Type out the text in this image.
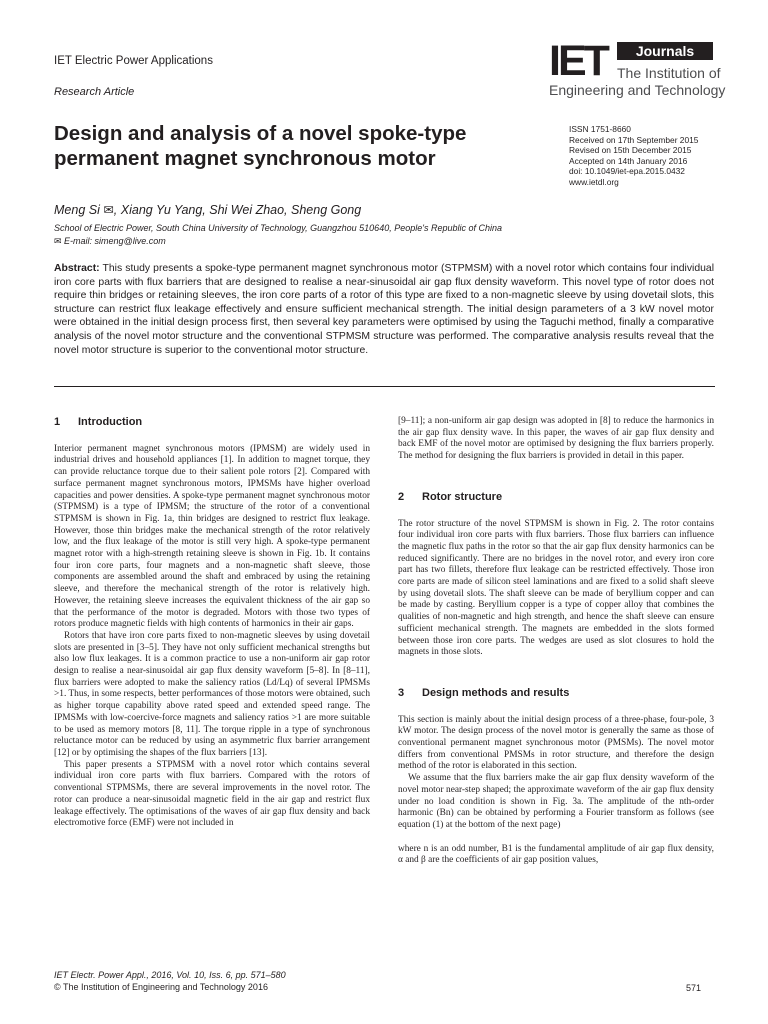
IET Electric Power Applications
Research Article
IET	Journals
The Institution of
Engineering and Technology
Design and analysis of a novel spoke-type permanent magnet synchronous motor
ISSN 1751-8660
Received on 17th September 2015
Revised on 15th December 2015
Accepted on 14th January 2016
doi: 10.1049/iet-epa.2015.0432
www.ietdl.org
Meng Si ✉, Xiang Yu Yang, Shi Wei Zhao, Sheng Gong
School of Electric Power, South China University of Technology, Guangzhou 510640, People's Republic of China
✉ E-mail: simeng@live.com
Abstract: This study presents a spoke-type permanent magnet synchronous motor (STPMSM) with a novel rotor which contains four individual iron core parts with flux barriers that are designed to realise a near-sinusoidal air gap flux density waveform. This novel type of rotor does not require thin bridges or retaining sleeves, the iron core parts of a rotor of this type are fixed to a non-magnetic sleeve by using dovetail slots, this structure can restrict flux leakage effectively and ensure sufficient mechanical strength. The initial design parameters of a 3 kW novel motor were obtained in the initial design process first, then several key parameters were optimised by using the Taguchi method, finally a comparative analysis of the novel motor structure and the conventional STPMSM structure was performed. The comparative analysis results reveal that the novel motor structure is superior to the conventional motor structure.
1 Introduction

Interior permanent magnet synchronous motors (IPMSM) are widely used in industrial drives and household appliances [1]. In addition to magnet torque, they can provide reluctance torque due to their salient pole rotors [2]. Compared with surface permanent magnet synchronous motors, IPMSMs have higher overload capacities and power densities. A spoke-type permanent magnet synchronous motor (STPMSM) is a type of IPMSM; the structure of the rotor of a conventional STPMSM is shown in Fig. 1a, thin bridges are designed to restrict flux leakage. However, those thin bridges make the mechanical strength of the rotor relatively low, and the flux leakage of the motor is still very high. A spoke-type permanent magnet rotor with a high-strength retaining sleeve is shown in Fig. 1b. It contains four iron core parts, four magnets and a non-magnetic shaft sleeve, those components are assembled around the shaft and embraced by using the retaining sleeve, and therefore the mechanical strength of the rotor is relatively high. However, the retaining sleeve increases the equivalent thickness of the air gap so that the performance of the motor is degraded. Motors with those two types of rotors produce magnetic fields with high contents of harmonics in their air gaps.

Rotors that have iron core parts fixed to non-magnetic sleeves by using dovetail slots are presented in [3–5]. They have not only sufficient mechanical strengths but also low flux leakages. It is a common practice to use a non-uniform air gap rotor design to realise a near-sinusoidal air gap flux density waveform [5–8]. In [8–11], flux barriers were adopted to make the saliency ratios (Ld/Lq) of several IPMSMs >1. Thus, in some respects, better performances of those motors were obtained, such as higher torque capability above rated speed and extended speed range. The IPMSMs with low-coercive-force magnets and saliency ratios >1 are more suitable to be used as memory motors [8, 11]. The torque ripple in a type of synchronous reluctance motor can be reduced by using an asymmetric flux barrier arrangement [12] or by optimising the shapes of the flux barriers [13].

This paper presents a STPMSM with a novel rotor which contains several individual iron core parts with flux barriers. Compared with the rotors of conventional STPMSMs, there are several improvements in the novel rotor. The rotor can produce a near-sinusoidal magnetic field in the air gap and restrict flux leakage effectively. The optimisations of the waves of air gap flux density and back electromotive force (EMF) were not included in

[9–11]; a non-uniform air gap design was adopted in [8] to reduce the harmonics in the air gap flux density wave. In this paper, the waves of air gap flux density and back EMF of the novel motor are optimised by designing the flux barriers properly. The method for designing the flux barriers is provided in detail in this paper.

2 Rotor structure

The rotor structure of the novel STPMSM is shown in Fig. 2. The rotor contains four individual iron core parts with flux barriers. Those flux barriers can influence the magnetic flux paths in the rotor so that the air gap flux density harmonics can be reduced significantly. There are no bridges in the novel rotor, and every iron core part has two fillets, therefore flux leakage can be restricted effectively. Those iron core parts are made of silicon steel laminations and are fixed to a solid shaft sleeve by using dovetail slots. The shaft sleeve can be made of beryllium copper and can be made by casting. Beryllium copper is a type of copper alloy that combines the qualities of non-magnetic and high strength, and hence the shaft sleeve can ensure sufficient mechanical strength. The magnets are embedded in the slots formed between those iron core parts. The wedges are used as slot closures to hold the magnets in those slots.

3 Design methods and results

This section is mainly about the initial design process of a three-phase, four-pole, 3 kW motor. The design process of the novel motor is generally the same as those of conventional permanent magnet synchronous motor (PMSMs). The novel motor differs from conventional PMSMs in rotor structure, and therefore the design method of the rotor is elaborated in this section.

We assume that the flux barriers make the air gap flux density waveform of the novel motor near-step shaped; the approximate waveform of the air gap flux density under no load condition is shown in Fig. 3a. The amplitude of the nth-order harmonic (Bn) can be obtained by performing a Fourier transform as follows (see equation (1) at the bottom of the next page)

where n is an odd number, B1 is the fundamental amplitude of air gap flux density, α and β are the coefficients of air gap position values,

IET Electr. Power Appl., 2016, Vol. 10, Iss. 6, pp. 571–580
© The Institution of Engineering and Technology 2016	571
